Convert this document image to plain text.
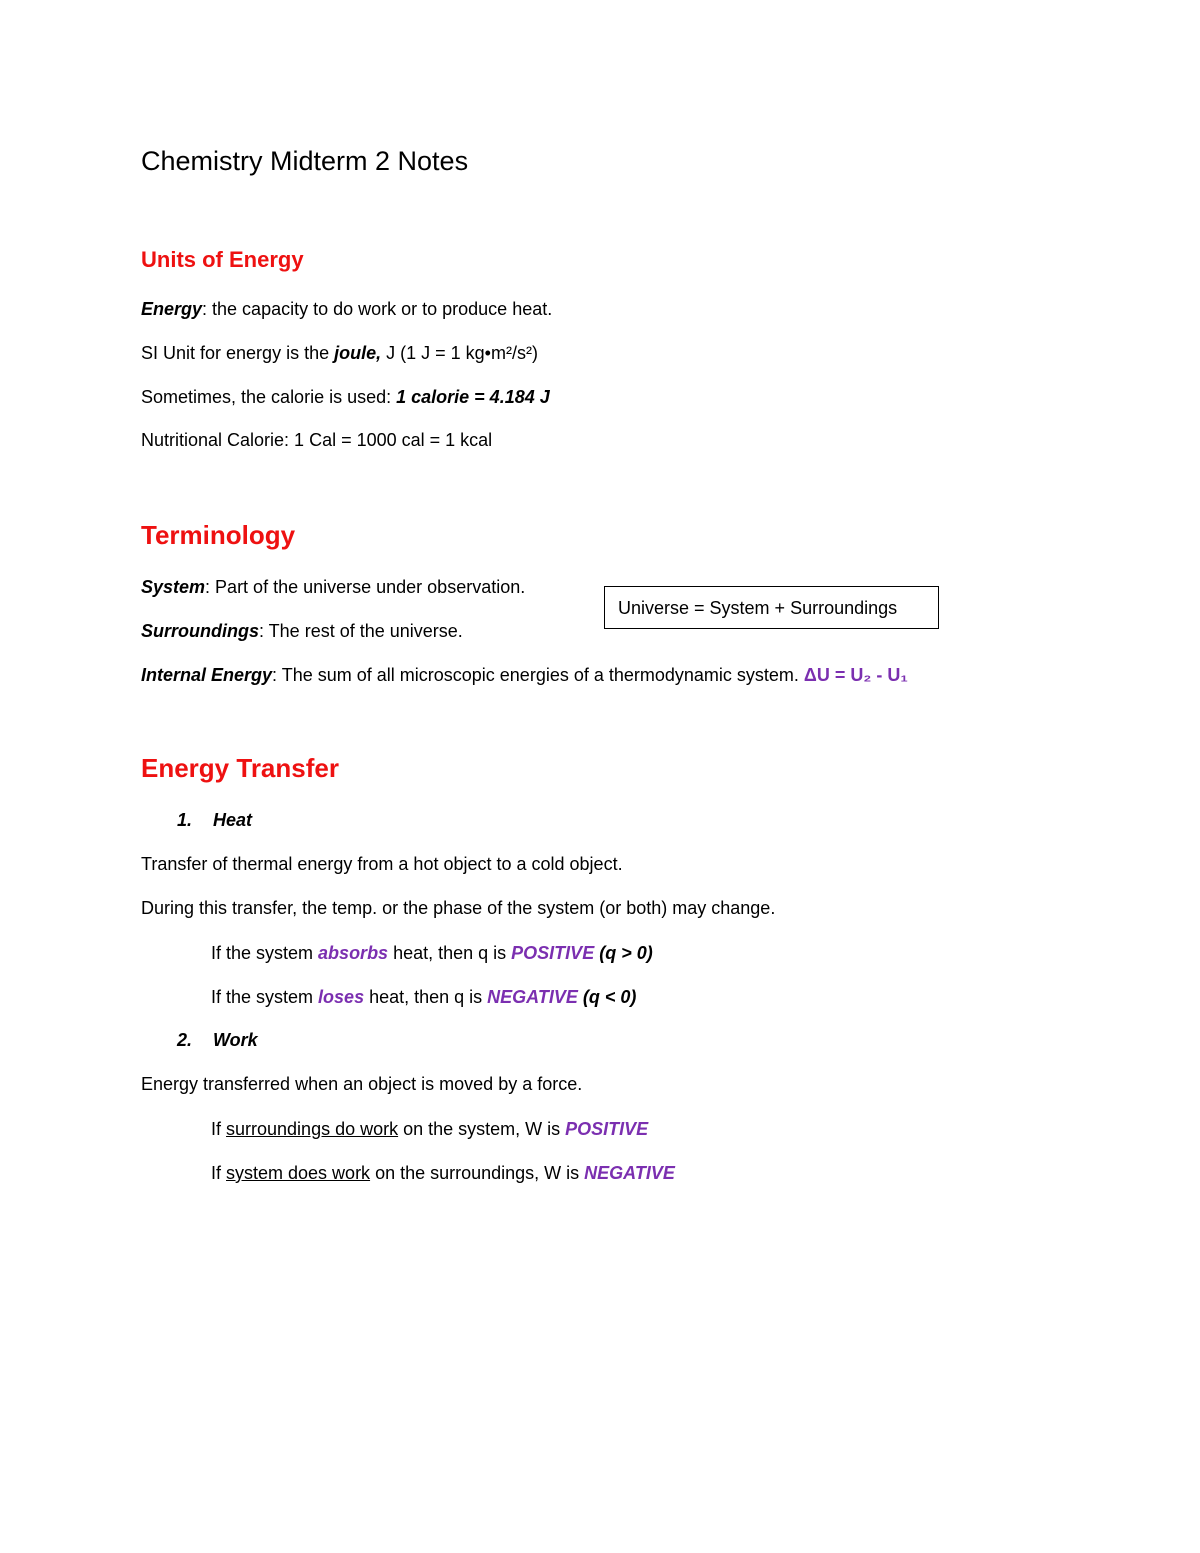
Chemistry Midterm 2 Notes
Units of Energy
Energy: the capacity to do work or to produce heat.
SI Unit for energy is the joule, J (1 J = 1 kg•m²/s²)
Sometimes, the calorie is used: 1 calorie = 4.184 J
Nutritional Calorie: 1 Cal = 1000 cal = 1 kcal
Terminology
System: Part of the universe under observation.
Surroundings: The rest of the universe.
Universe = System + Surroundings
Internal Energy: The sum of all microscopic energies of a thermodynamic system. ΔU = U₂ - U₁
Energy Transfer
1. Heat
Transfer of thermal energy from a hot object to a cold object.
During this transfer, the temp. or the phase of the system (or both) may change.
If the system absorbs heat, then q is POSITIVE (q > 0)
If the system loses heat, then q is NEGATIVE (q < 0)
2. Work
Energy transferred when an object is moved by a force.
If surroundings do work on the system, W is POSITIVE
If system does work on the surroundings, W is NEGATIVE
